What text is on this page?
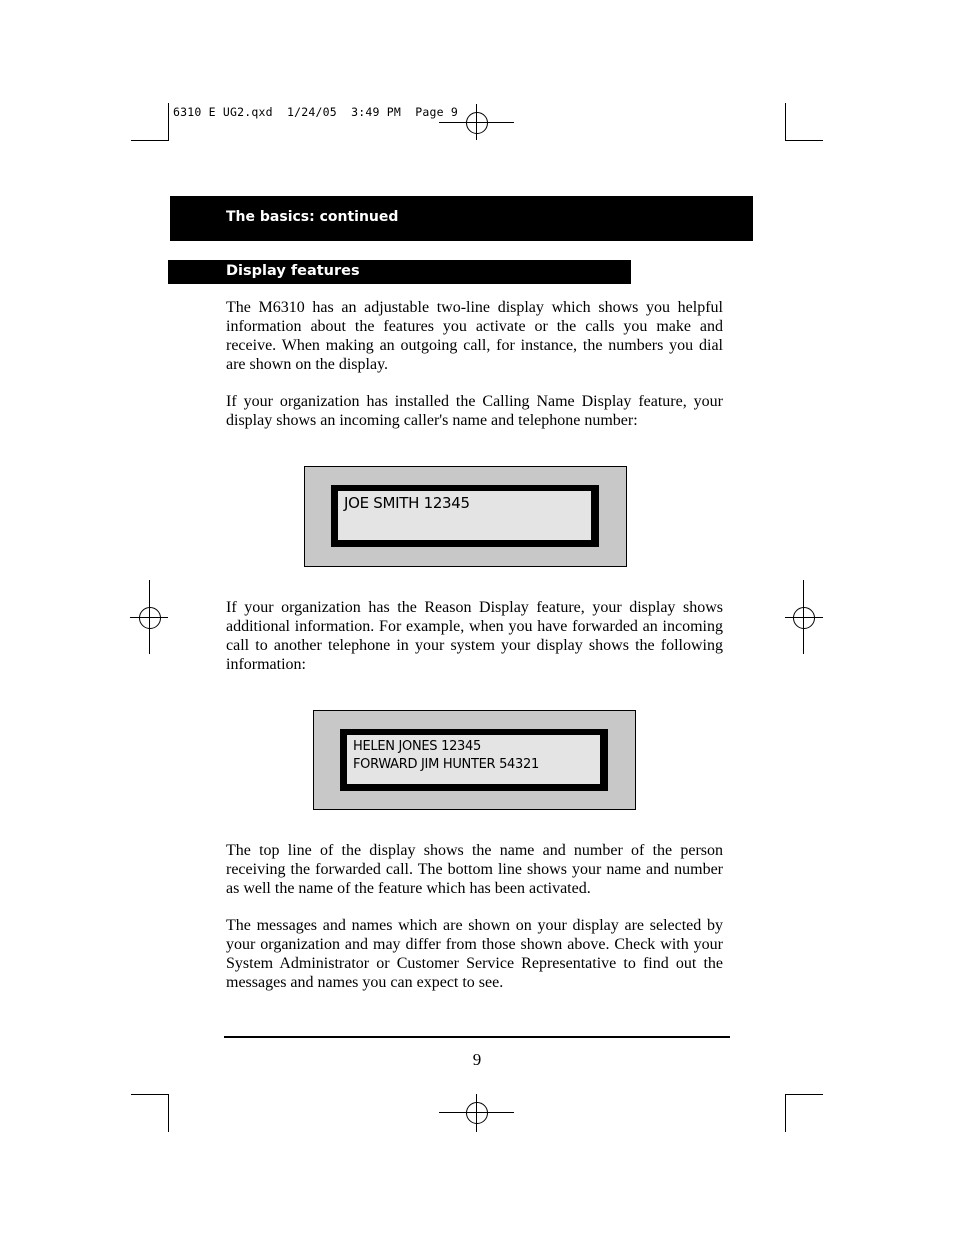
6310 E UG2.qxd  1/24/05  3:49 PM  Page 9
The basics: continued
Display features

The M6310 has an adjustable two-line display which shows you helpful information about the features you activate or the calls you make and receive. When making an outgoing call, for instance, the numbers you dial are shown on the display.

If your organization has installed the Calling Name Display feature, your display shows an incoming caller's name and telephone number:

JOE SMITH 12345

If your organization has the Reason Display feature, your display shows additional information. For example, when you have forwarded an incoming call to another telephone in your system your display shows the following information:

HELEN JONES 12345
FORWARD JIM HUNTER 54321

The top line of the display shows the name and number of the person receiving the forwarded call. The bottom line shows your name and number as well the name of the feature which has been activated.

The messages and names which are shown on your display are selected by your organization and may differ from those shown above. Check with your System Administrator or Customer Service Representative to find out the messages and names you can expect to see.

9
